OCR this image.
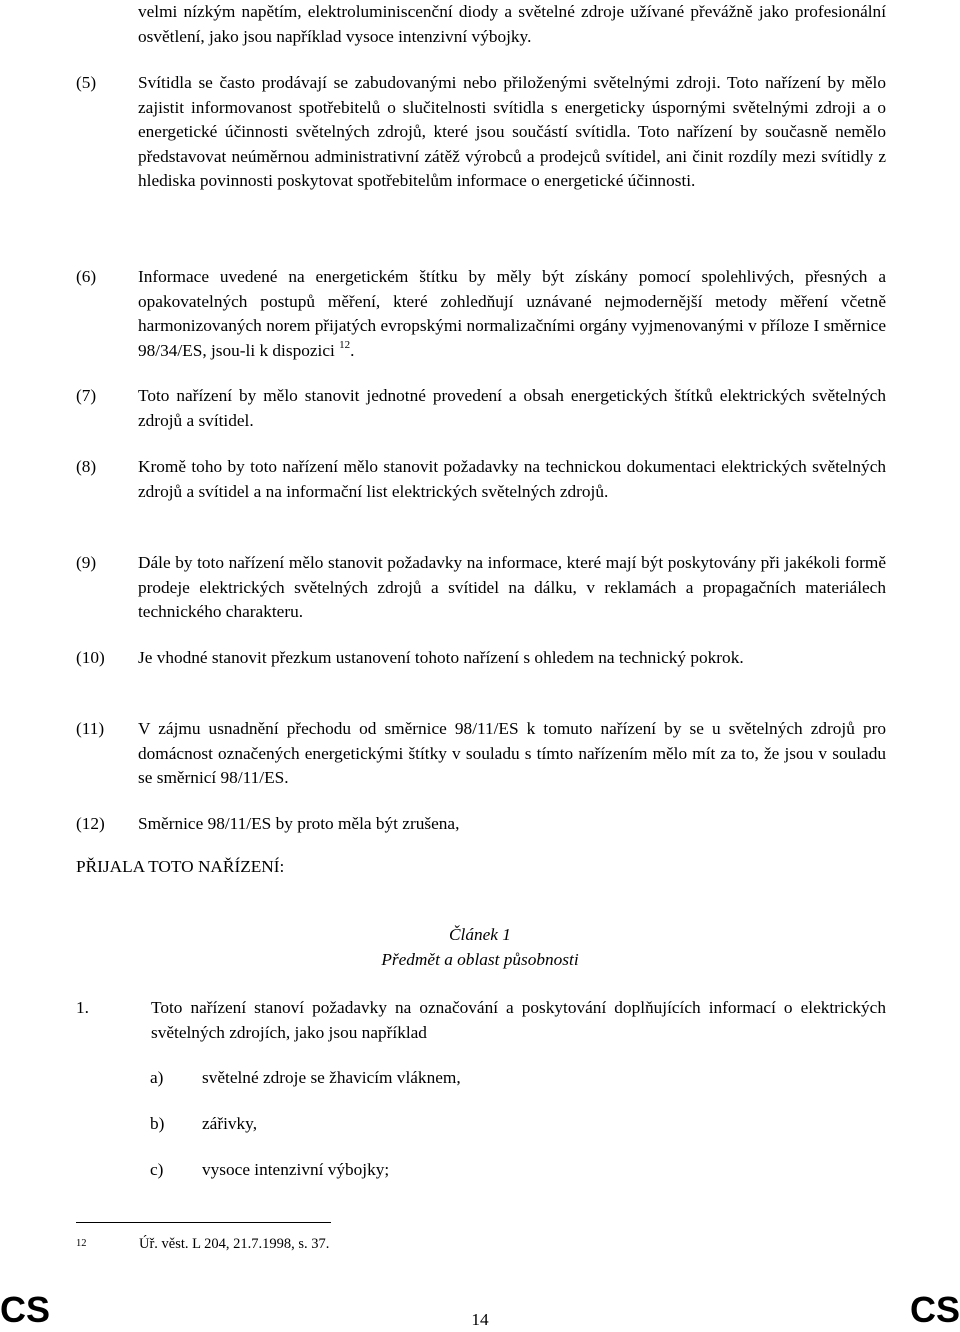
velmi nízkým napětím, elektroluminiscenční diody a světelné zdroje užívané převážně jako profesionální osvětlení, jako jsou například vysoce intenzivní výbojky.

(5) Svítidla se často prodávají se zabudovanými nebo přiloženými světelnými zdroji. Toto nařízení by mělo zajistit informovanost spotřebitelů o slučitelnosti svítidla s energeticky úspornými světelnými zdroji a o energetické účinnosti světelných zdrojů, které jsou součástí svítidla. Toto nařízení by současně nemělo představovat neúměrnou administrativní zátěž výrobců a prodejců svítidel, ani činit rozdíly mezi svítidly z hlediska povinnosti poskytovat spotřebitelům informace o energetické účinnosti.
(6) Informace uvedené na energetickém štítku by měly být získány pomocí spolehlivých, přesných a opakovatelných postupů měření, které zohledňují uznávané nejmodernější metody měření včetně harmonizovaných norem přijatých evropskými normalizačními orgány vyjmenovanými v příloze I směrnice 98/34/ES, jsou-li k dispozici $^{12}$.
(7) Toto nařízení by mělo stanovit jednotné provedení a obsah energetických štítků elektrických světelných zdrojů a svítidel.
(8) Kromě toho by toto nařízení mělo stanovit požadavky na technickou dokumentaci elektrických světelných zdrojů a svítidel a na informační list elektrických světelných zdrojů.
(9) Dále by toto nařízení mělo stanovit požadavky na informace, které mají být poskytovány při jakékoli formě prodeje elektrických světelných zdrojů a svítidel na dálku, v reklamách a propagačních materiálech technického charakteru.
(10) Je vhodné stanovit přezkum ustanovení tohoto nařízení s ohledem na technický pokrok.
(11) V zájmu usnadnění přechodu od směrnice 98/11/ES k tomuto nařízení by se u světelných zdrojů pro domácnost označených energetickými štítky v souladu s tímto nařízením mělo mít za to, že jsou v souladu se směrnicí 98/11/ES.
(12) Směrnice 98/11/ES by proto měla být zrušena,

PŘIJALA TOTO NAŘÍZENÍ:

Článek 1
Předmět a oblast působnosti
1.	Toto nařízení stanoví požadavky na označování a poskytování doplňujících informací o elektrických světelných zdrojích, jako jsou například
a) světelné zdroje se žhavicím vláknem,
b) zářivky,
c) vysoce intenzivní výbojky;
12	Úř. věst. L 204, 21.7.1998, s. 37.
CS	14	CS
